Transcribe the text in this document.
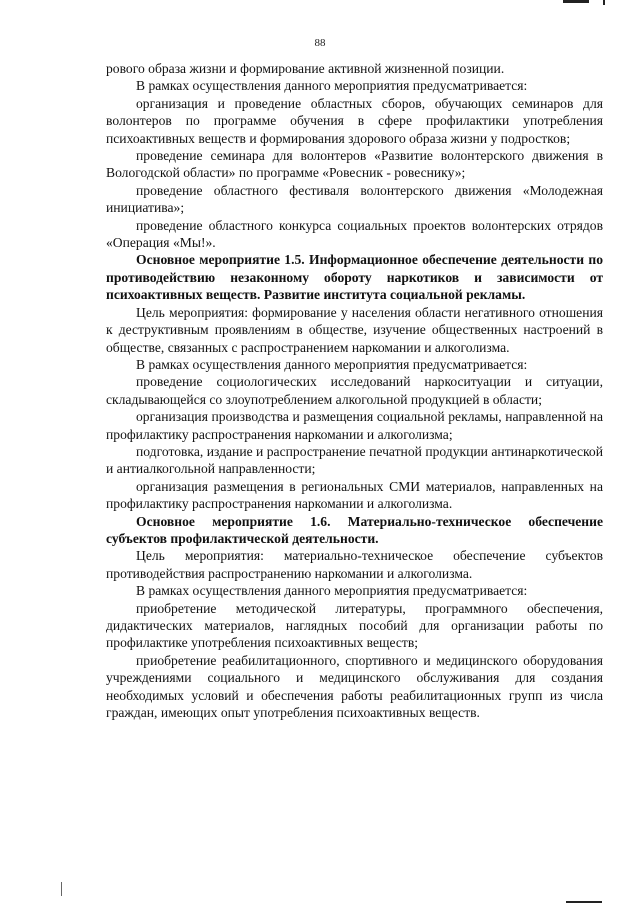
88

рового образа жизни и формирование активной жизненной позиции.

В рамках осуществления данного мероприятия предусматривается:

организация и проведение областных сборов, обучающих семинаров для волонтеров по программе обучения в сфере профилактики употребления психоактивных веществ и формирования здорового образа жизни у подростков;

проведение семинара для волонтеров «Развитие волонтерского движения в Вологодской области» по программе «Ровесник - ровеснику»;

проведение областного фестиваля волонтерского движения «Молодежная инициатива»;

проведение областного конкурса социальных проектов волонтерских отрядов «Операция «Мы!».

Основное мероприятие 1.5. Информационное обеспечение деятельности по противодействию незаконному обороту наркотиков и зависимости от психоактивных веществ. Развитие института социальной рекламы.

Цель мероприятия: формирование у населения области негативного отношения к деструктивным проявлениям в обществе, изучение общественных настроений в обществе, связанных с распространением наркомании и алкоголизма.

В рамках осуществления данного мероприятия предусматривается:

проведение социологических исследований наркоситуации и ситуации, складывающейся со злоупотреблением алкогольной продукцией в области;

организация производства и размещения социальной рекламы, направленной на профилактику распространения наркомании и алкоголизма;

подготовка, издание и распространение печатной продукции антинаркотической и антиалкогольной направленности;

организация размещения в региональных СМИ материалов, направленных на профилактику распространения наркомании и алкоголизма.

Основное мероприятие 1.6. Материально-техническое обеспечение субъектов профилактической деятельности.

Цель мероприятия: материально-техническое обеспечение субъектов противодействия распространению наркомании и алкоголизма.

В рамках осуществления данного мероприятия предусматривается:

приобретение методической литературы, программного обеспечения, дидактических материалов, наглядных пособий для организации работы по профилактике употребления психоактивных веществ;

приобретение реабилитационного, спортивного и медицинского оборудования учреждениями социального и медицинского обслуживания для создания необходимых условий и обеспечения работы реабилитационных групп из числа граждан, имеющих опыт употребления психоактивных веществ.
